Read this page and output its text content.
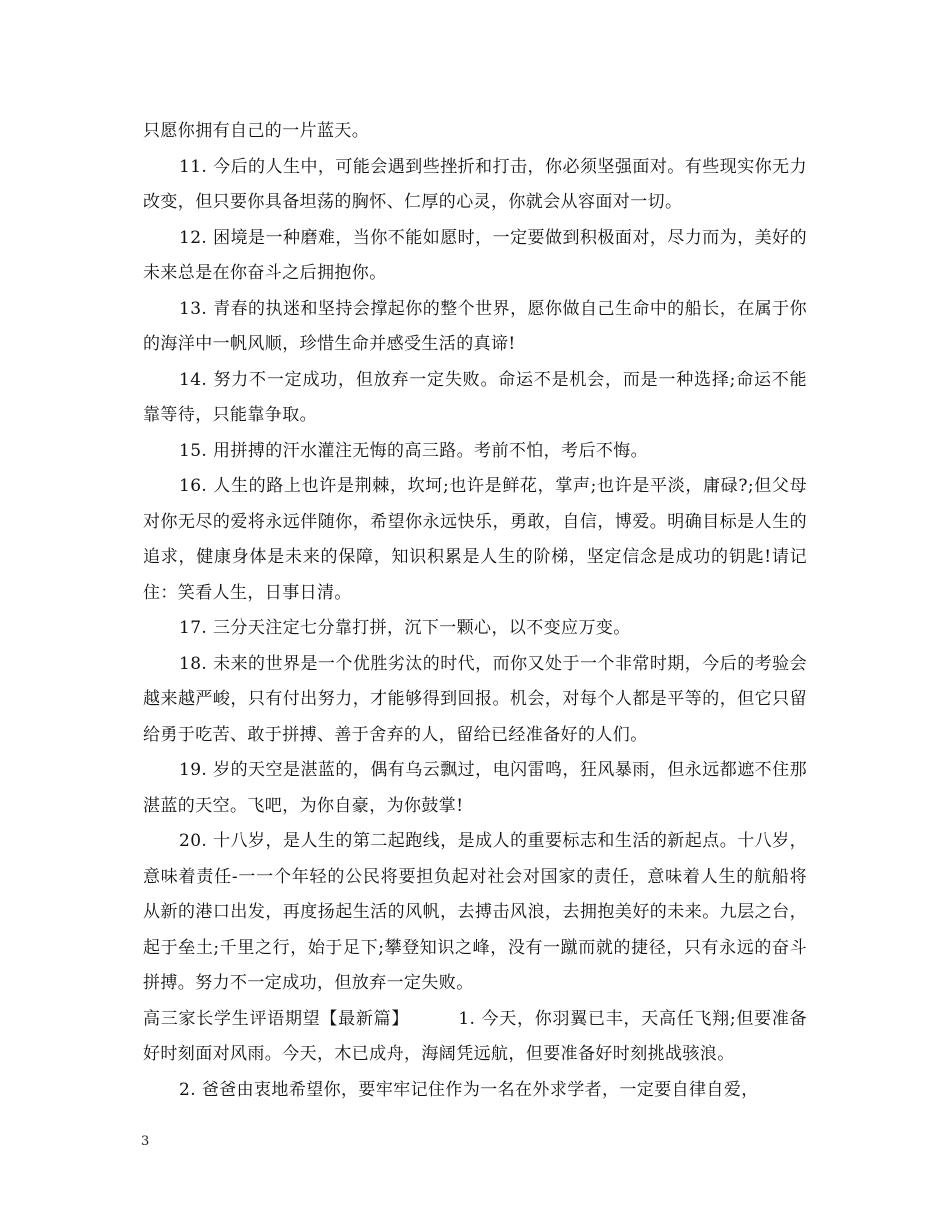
只愿你拥有自己的一片蓝天。

11. 今后的人生中，可能会遇到些挫折和打击，你必须坚强面对。有些现实你无力改变，但只要你具备坦荡的胸怀、仁厚的心灵，你就会从容面对一切。

12. 困境是一种磨难，当你不能如愿时，一定要做到积极面对，尽力而为，美好的未来总是在你奋斗之后拥抱你。

13. 青春的执迷和坚持会撑起你的整个世界，愿你做自己生命中的船长，在属于你的海洋中一帆风顺，珍惜生命并感受生活的真谛!

14. 努力不一定成功，但放弃一定失败。命运不是机会，而是一种选择;命运不能靠等待，只能靠争取。

15. 用拼搏的汗水灌注无悔的高三路。考前不怕，考后不悔。

16. 人生的路上也许是荆棘，坎坷;也许是鲜花，掌声;也许是平淡，庸碌?;但父母对你无尽的爱将永远伴随你，希望你永远快乐，勇敢，自信，博爱。明确目标是人生的追求，健康身体是未来的保障，知识积累是人生的阶梯，坚定信念是成功的钥匙!请记住：笑看人生，日事日清。

17. 三分天注定七分靠打拼，沉下一颗心，以不变应万变。

18. 未来的世界是一个优胜劣汰的时代，而你又处于一个非常时期，今后的考验会越来越严峻，只有付出努力，才能够得到回报。机会，对每个人都是平等的，但它只留给勇于吃苦、敢于拼搏、善于舍弃的人，留给已经准备好的人们。

19. 岁的天空是湛蓝的，偶有乌云飘过，电闪雷鸣，狂风暴雨，但永远都遮不住那湛蓝的天空。飞吧，为你自豪，为你鼓掌!

20. 十八岁，是人生的第二起跑线，是成人的重要标志和生活的新起点。十八岁，意味着责任-一一个年轻的公民将要担负起对社会对国家的责任，意味着人生的航船将从新的港口出发，再度扬起生活的风帆，去搏击风浪，去拥抱美好的未来。九层之台，起于垒土;千里之行，始于足下;攀登知识之峰，没有一蹴而就的捷径，只有永远的奋斗拼搏。努力不一定成功，但放弃一定失败。

高三家长学生评语期望【最新篇】	1. 今天，你羽翼已丰，天高任飞翔;但要准备好时刻面对风雨。今天，木已成舟，海阔凭远航，但要准备好时刻挑战骇浪。

2. 爸爸由衷地希望你，要牢牢记住作为一名在外求学者，一定要自律自爱，

3
